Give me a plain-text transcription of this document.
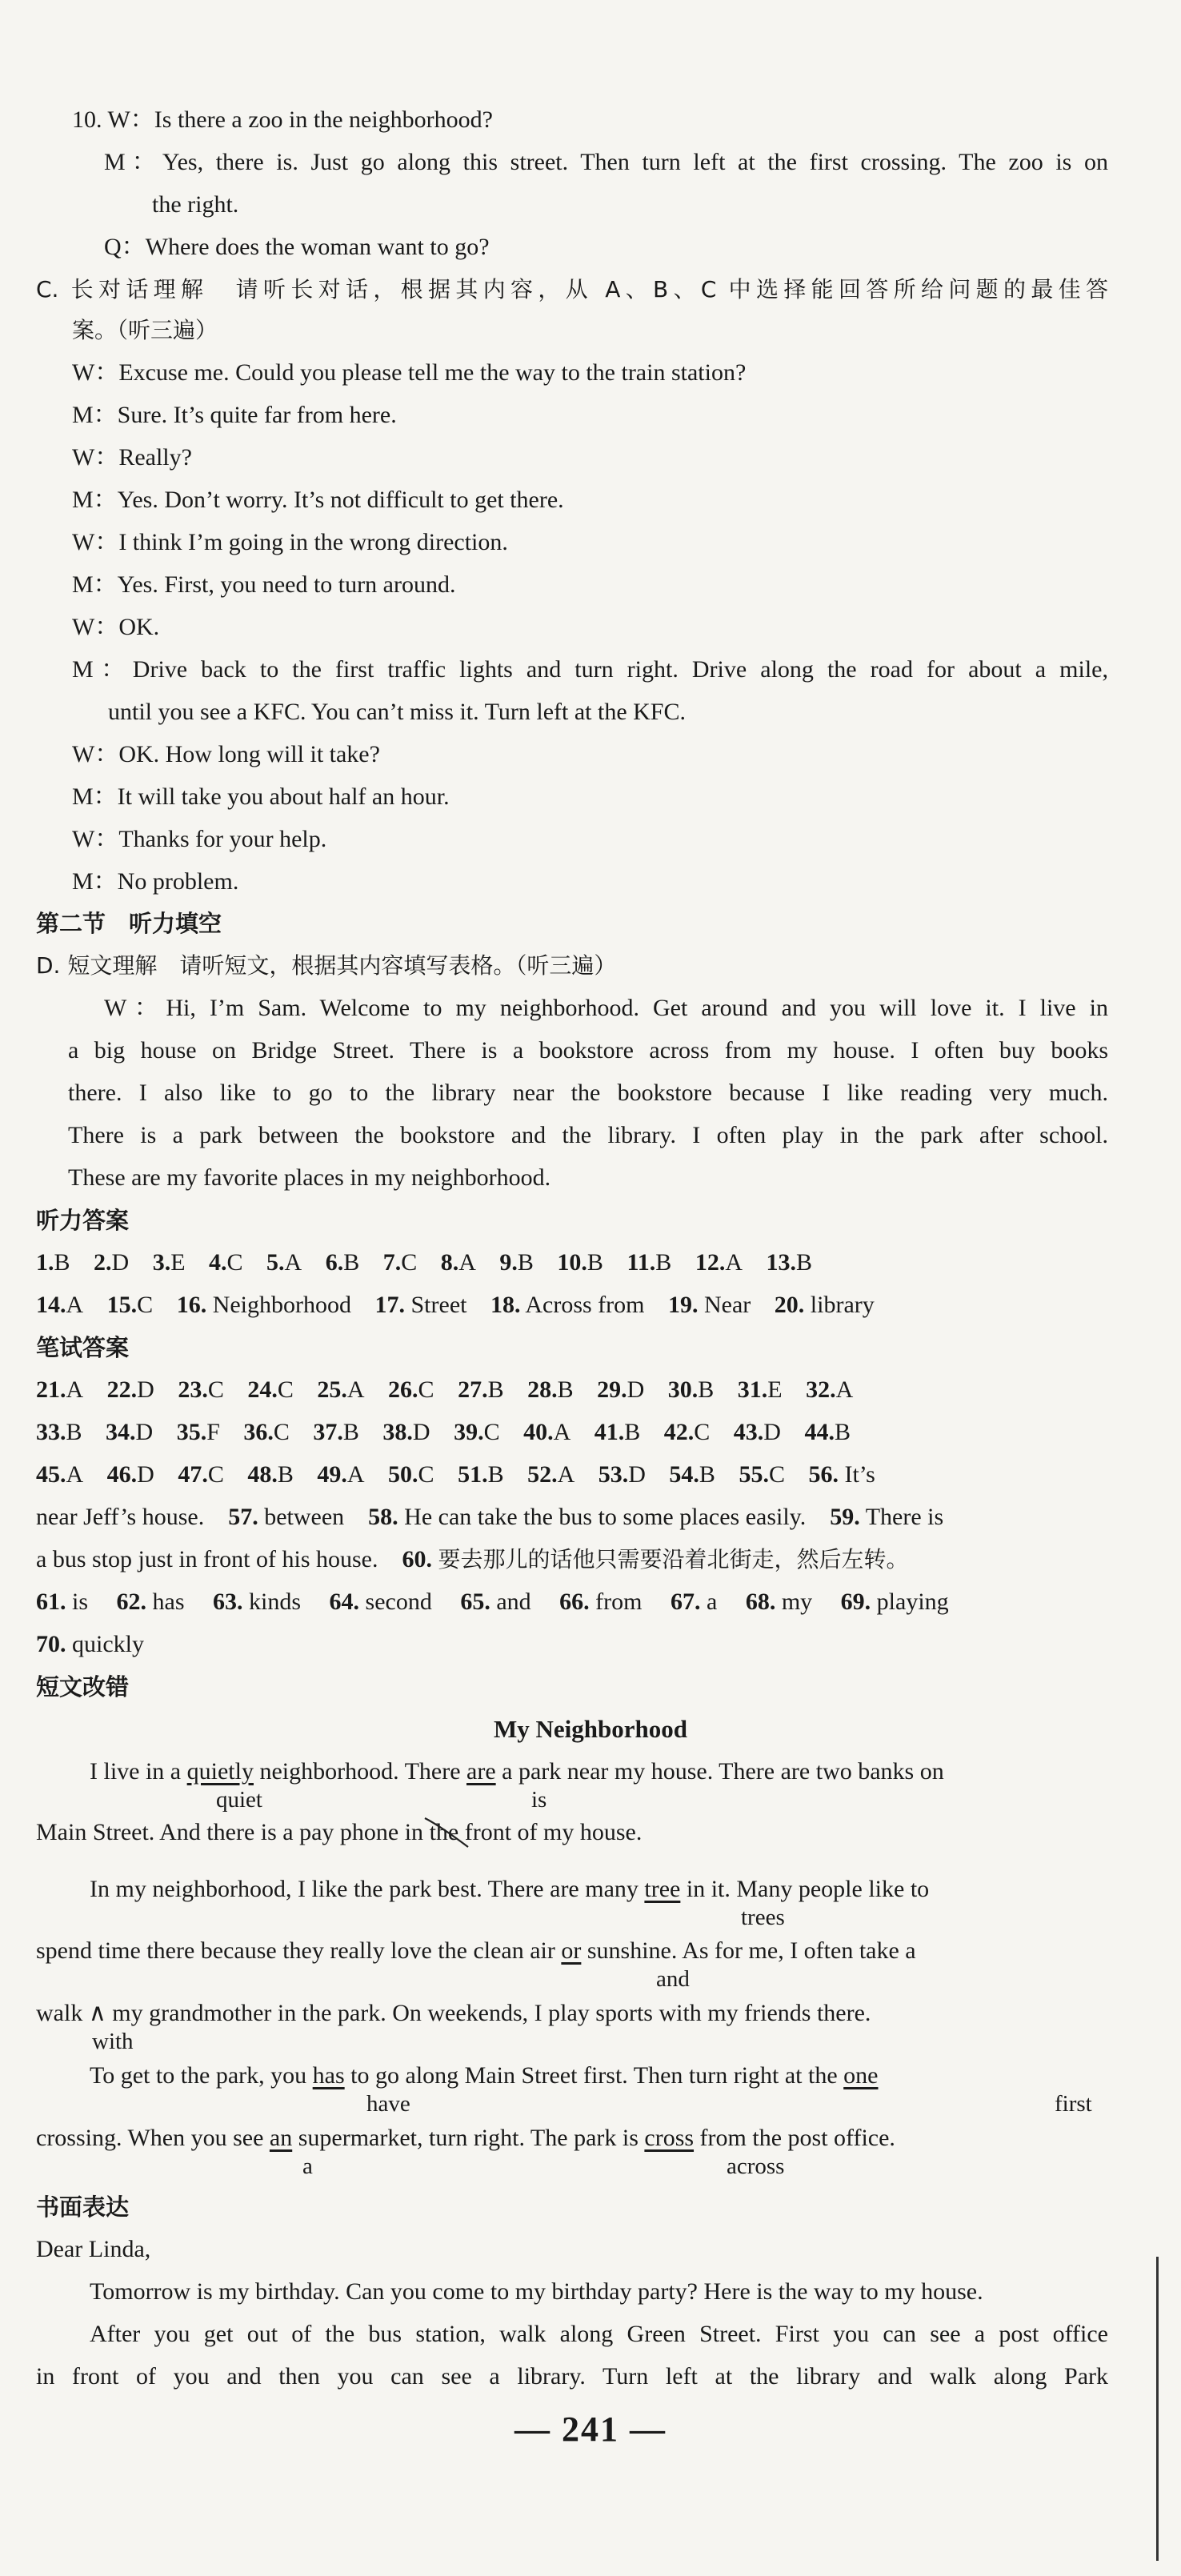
10. W：Is there a zoo in the neighborhood?
M：Yes, there is. Just go along this street. Then turn left at the first crossing. The zoo is on
the right.
Q：Where does the woman want to go?
C. 长对话理解　请听长对话，根据其内容，从 A、B、C 中选择能回答所给问题的最佳答
案。（听三遍）
W：Excuse me. Could you please tell me the way to the train station?
M：Sure. It’s quite far from here.
W：Really?
M：Yes. Don’t worry. It’s not difficult to get there.
W：I think I’m going in the wrong direction.
M：Yes. First, you need to turn around.
W：OK.
M：Drive back to the first traffic lights and turn right. Drive along the road for about a mile,
until you see a KFC. You can’t miss it. Turn left at the KFC.
W：OK. How long will it take?
M：It will take you about half an hour.
W：Thanks for your help.
M：No problem.
第二节　听力填空
D. 短文理解　请听短文，根据其内容填写表格。（听三遍）
W：Hi, I’m Sam. Welcome to my neighborhood. Get around and you will love it. I live in
a big house on Bridge Street. There is a bookstore across from my house. I often buy books
there. I also like to go to the library near the bookstore because I like reading very much.
There is a park between the bookstore and the library. I often play in the park after school.
These are my favorite places in my neighborhood.
听力答案
1.B 2.D 3.E 4.C 5.A 6.B 7.C 8.A 9.B 10.B 11.B 12.A 13.B
14.A 15.C 16. Neighborhood 17. Street 18. Across from 19. Near 20. library
笔试答案
21.A 22.D 23.C 24.C 25.A 26.C 27.B 28.B 29.D 30.B 31.E 32.A
33.B 34.D 35.F 36.C 37.B 38.D 39.C 40.A 41.B 42.C 43.D 44.B
45.A 46.D 47.C 48.B 49.A 50.C 51.B 52.A 53.D 54.B 55.C 56. It’s
near Jeff’s house. 57. between 58. He can take the bus to some places easily. 59. There is
a bus stop just in front of his house. 60. 要去那儿的话他只需要沿着北街走，然后左转。
61. is 62. has 63. kinds 64. second 65. and 66. from 67. a 68. my 69. playing
70. quickly
短文改错
My Neighborhood
I live in a quietly neighborhood. There are a park near my house. There are two banks on
quiet	is
Main Street. And there is a pay phone in the
front of my house.
In my neighborhood, I like the park best. There are many tree in it. Many people like to
trees
spend time there because they really love the clean air or sunshine. As for me, I often take a
and
walk ∧ my grandmother in the park. On weekends, I play sports with my friends there.
with
To get to the park, you has to go along Main Street first. Then turn right at the one
have	first
crossing. When you see an supermarket, turn right. The park is cross from the post office.
a	across
书面表达
Dear Linda,
Tomorrow is my birthday. Can you come to my birthday party? Here is the way to my house.
After you get out of the bus station, walk along Green Street. First you can see a post office
in front of you and then you can see a library. Turn left at the library and walk along Park
— 241 —
